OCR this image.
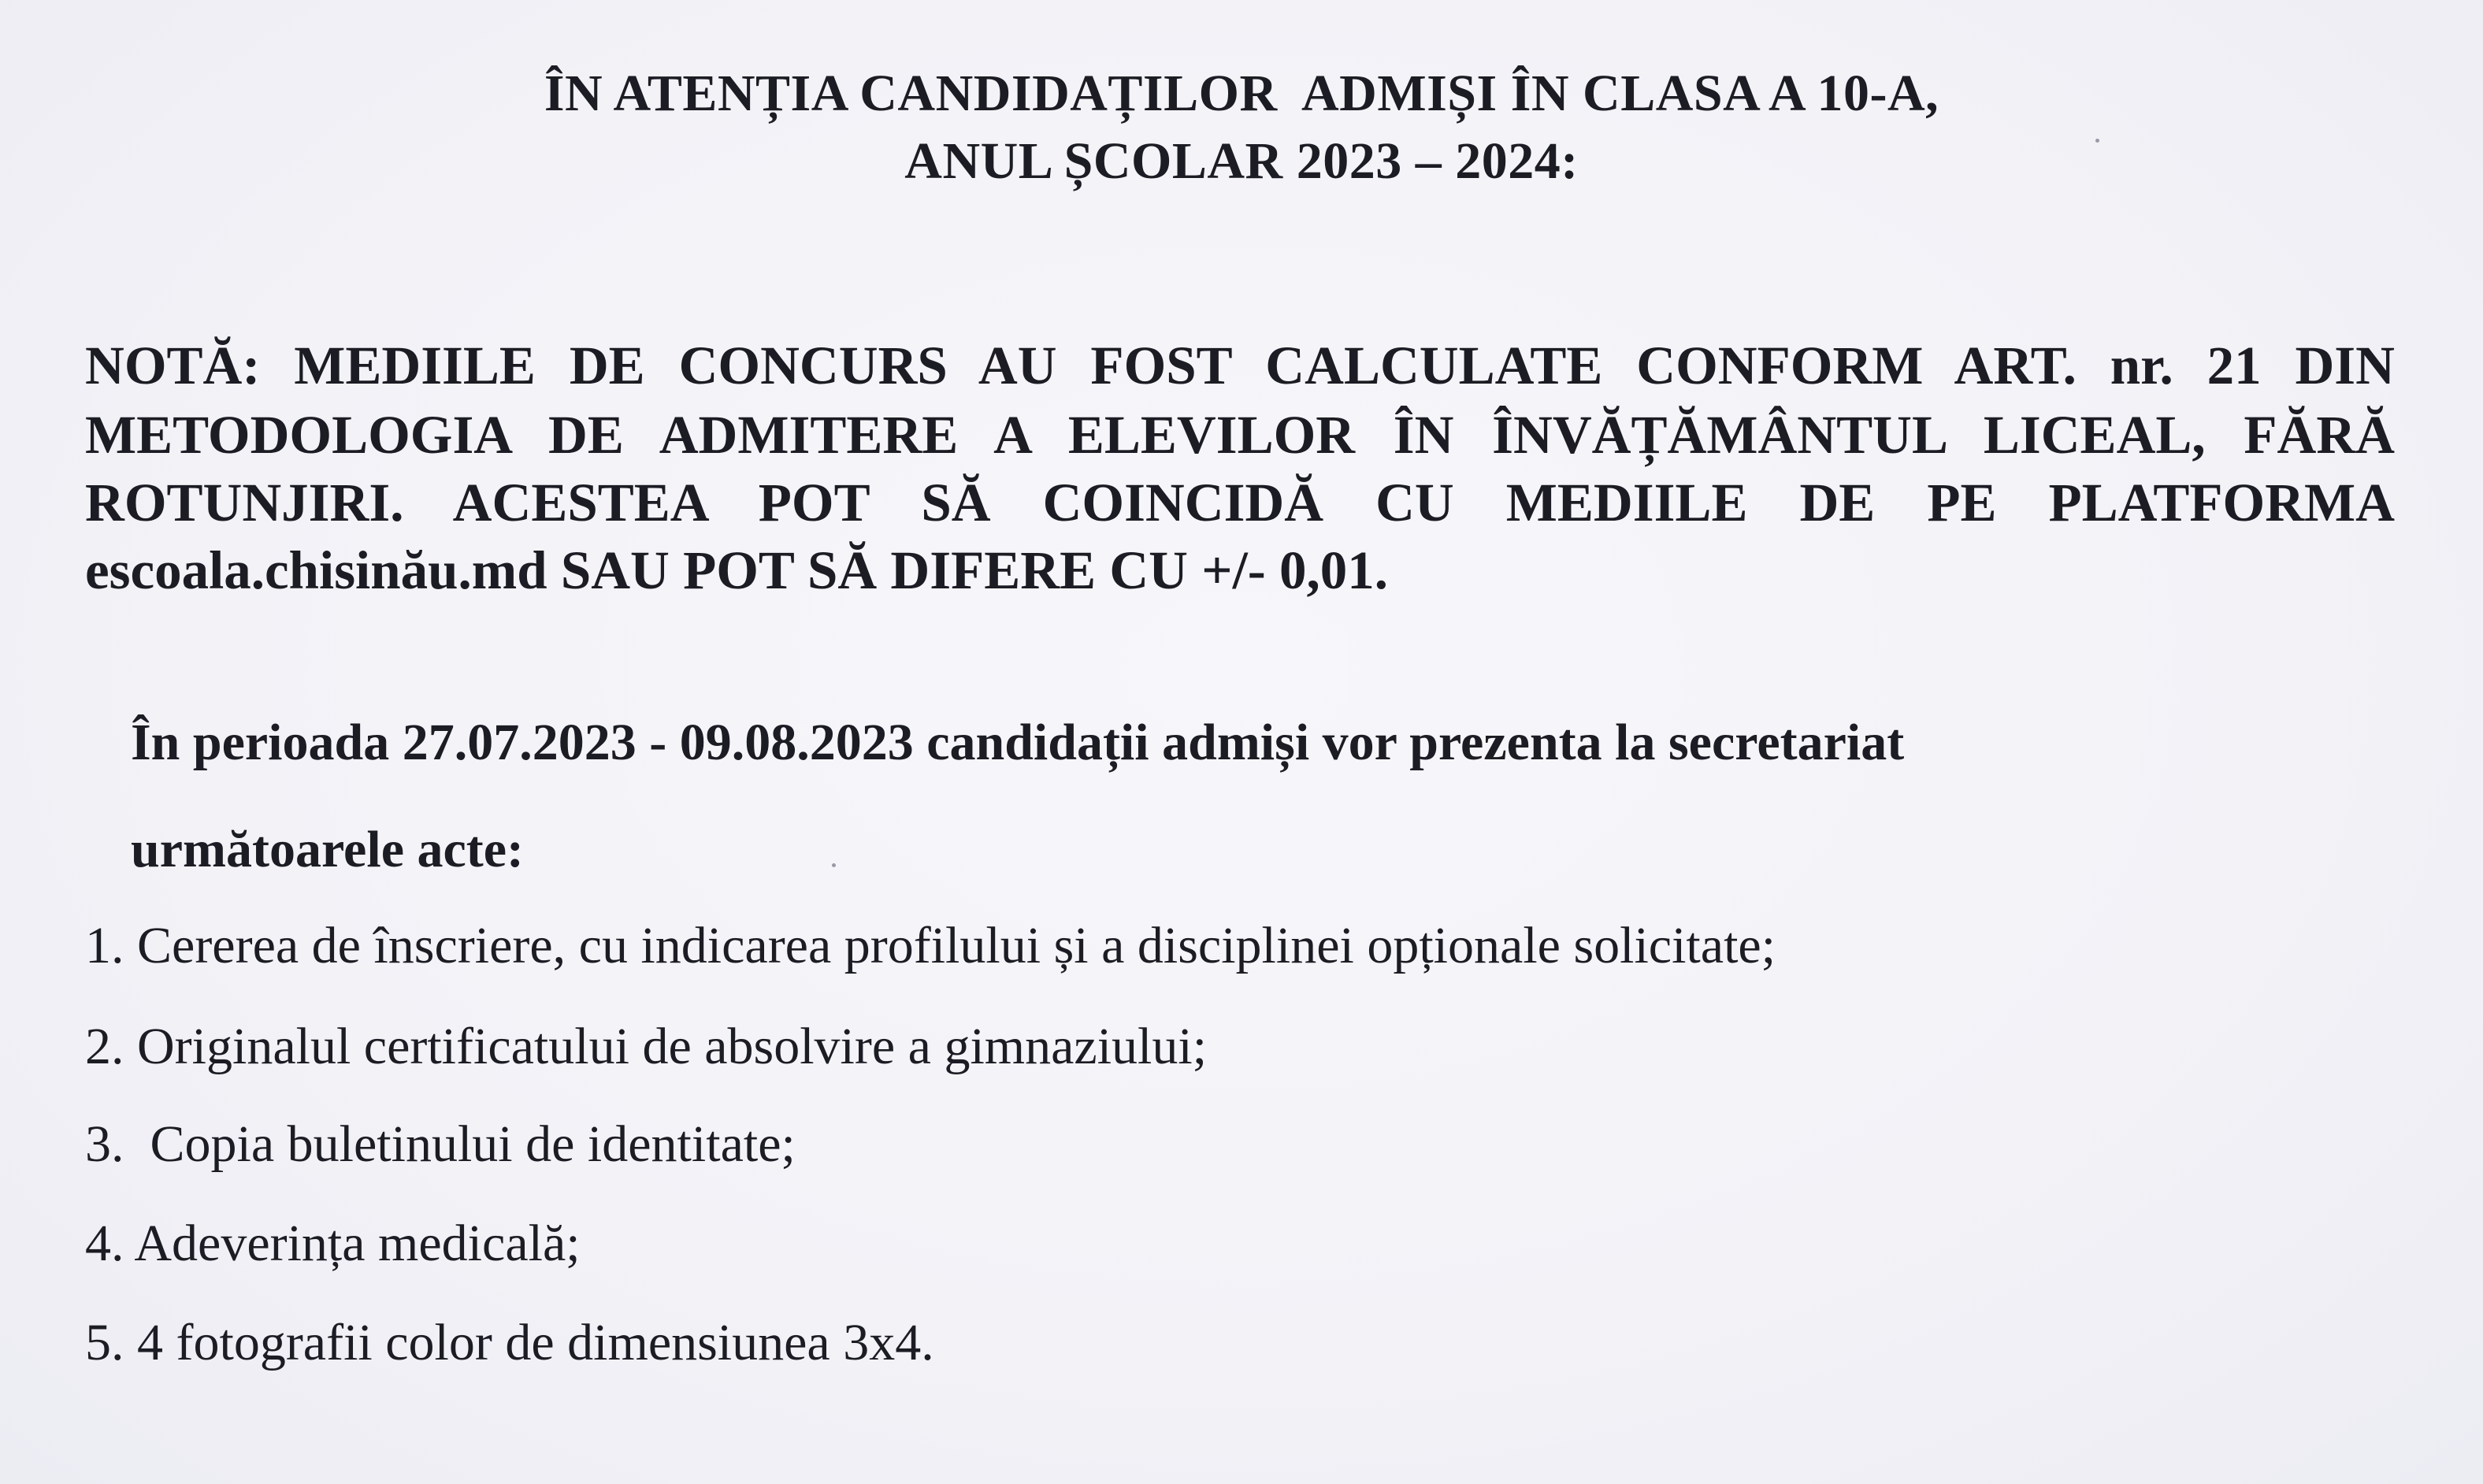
ÎN ATENȚIA CANDIDAȚILOR  ADMIȘI ÎN CLASA A 10-A,
ANUL ȘCOLAR 2023 – 2024:
NOTĂ: MEDIILE DE CONCURS AU FOST CALCULATE CONFORM ART. nr. 21 DIN
METODOLOGIA DE ADMITERE A ELEVILOR ÎN ÎNVĂȚĂMÂNTUL LICEAL, FĂRĂ
ROTUNJIRI. ACESTEA POT SĂ COINCIDĂ CU MEDIILE DE PE PLATFORMA
escoala.chisinău.md SAU POT SĂ DIFERE CU +/- 0,01.
În perioada 27.07.2023 - 09.08.2023 candidații admiși vor prezenta la secretariat
următoarele acte:
1. Cererea de înscriere, cu indicarea profilului și a disciplinei opționale solicitate;
2. Originalul certificatului de absolvire a gimnaziului;
3.  Copia buletinului de identitate;
4. Adeverința medicală;
5. 4 fotografii color de dimensiunea 3x4.
